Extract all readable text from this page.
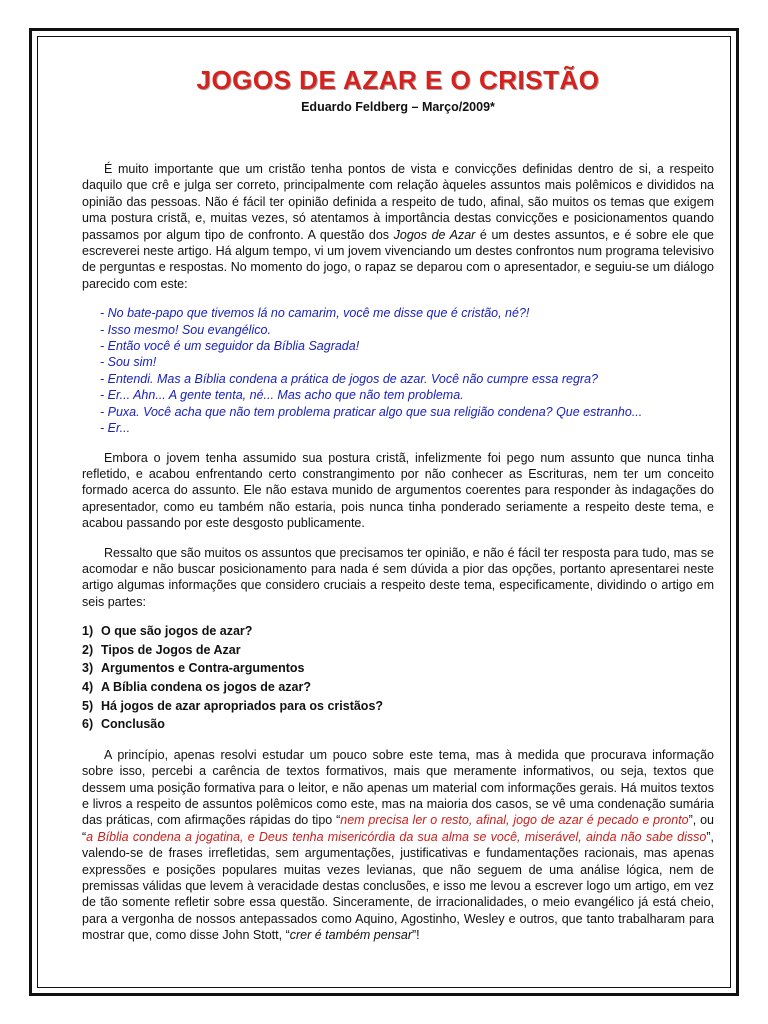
JOGOS DE AZAR E O CRISTÃO
Eduardo Feldberg – Março/2009*

É muito importante que um cristão tenha pontos de vista e convicções definidas dentro de si, a respeito daquilo que crê e julga ser correto, principalmente com relação àqueles assuntos mais polêmicos e divididos na opinião das pessoas. Não é fácil ter opinião definida a respeito de tudo, afinal, são muitos os temas que exigem uma postura cristã, e, muitas vezes, só atentamos à importância destas convicções e posicionamentos quando passamos por algum tipo de confronto. A questão dos Jogos de Azar é um destes assuntos, e é sobre ele que escreverei neste artigo. Há algum tempo, vi um jovem vivenciando um destes confrontos num programa televisivo de perguntas e respostas. No momento do jogo, o rapaz se deparou com o apresentador, e seguiu-se um diálogo parecido com este:

- No bate-papo que tivemos lá no camarim, você me disse que é cristão, né?!
- Isso mesmo! Sou evangélico.
- Então você é um seguidor da Bíblia Sagrada!
- Sou sim!
- Entendi. Mas a Bíblia condena a prática de jogos de azar. Você não cumpre essa regra?
- Er... Ahn... A gente tenta, né... Mas acho que não tem problema.
- Puxa. Você acha que não tem problema praticar algo que sua religião condena? Que estranho...
- Er...

Embora o jovem tenha assumido sua postura cristã, infelizmente foi pego num assunto que nunca tinha refletido, e acabou enfrentando certo constrangimento por não conhecer as Escrituras, nem ter um conceito formado acerca do assunto. Ele não estava munido de argumentos coerentes para responder às indagações do apresentador, como eu também não estaria, pois nunca tinha ponderado seriamente a respeito deste tema, e acabou passando por este desgosto publicamente.

Ressalto que são muitos os assuntos que precisamos ter opinião, e não é fácil ter resposta para tudo, mas se acomodar e não buscar posicionamento para nada é sem dúvida a pior das opções, portanto apresentarei neste artigo algumas informações que considero cruciais a respeito deste tema, especificamente, dividindo o artigo em seis partes:

1) O que são jogos de azar?
2) Tipos de Jogos de Azar
3) Argumentos e Contra-argumentos
4) A Bíblia condena os jogos de azar?
5) Há jogos de azar apropriados para os cristãos?
6) Conclusão

A princípio, apenas resolvi estudar um pouco sobre este tema, mas à medida que procurava informação sobre isso, percebi a carência de textos formativos, mais que meramente informativos, ou seja, textos que dessem uma posição formativa para o leitor, e não apenas um material com informações gerais. Há muitos textos e livros a respeito de assuntos polêmicos como este, mas na maioria dos casos, se vê uma condenação sumária das práticas, com afirmações rápidas do tipo “nem precisa ler o resto, afinal, jogo de azar é pecado e pronto”, ou “a Bíblia condena a jogatina, e Deus tenha misericórdia da sua alma se você, miserável, ainda não sabe disso”, valendo-se de frases irrefletidas, sem argumentações, justificativas e fundamentações racionais, mas apenas expressões e posições populares muitas vezes levianas, que não seguem de uma análise lógica, nem de premissas válidas que levem à veracidade destas conclusões, e isso me levou a escrever logo um artigo, em vez de tão somente refletir sobre essa questão. Sinceramente, de irracionalidades, o meio evangélico já está cheio, para a vergonha de nossos antepassados como Aquino, Agostinho, Wesley e outros, que tanto trabalharam para mostrar que, como disse John Stott, “crer é também pensar”!
